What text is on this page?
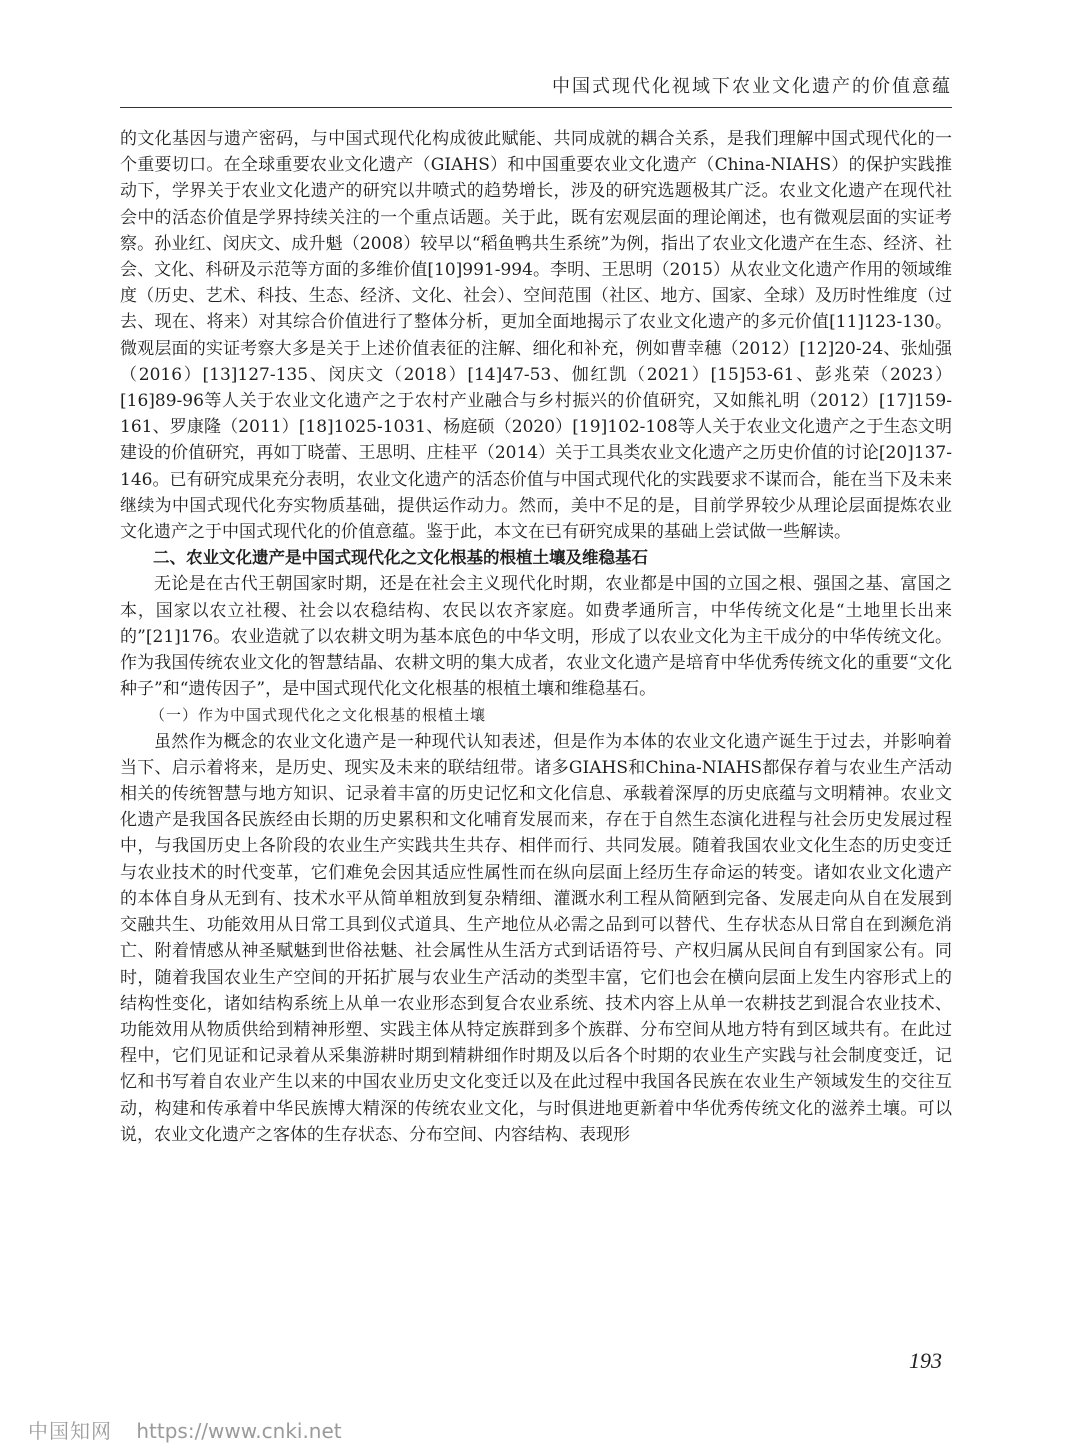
中国式现代化视域下农业文化遗产的价值意蕴

的文化基因与遗产密码，与中国式现代化构成彼此赋能、共同成就的耦合关系，是我们理解中国式现代化的一个重要切口。在全球重要农业文化遗产（GIAHS）和中国重要农业文化遗产（China-NIAHS）的保护实践推动下，学界关于农业文化遗产的研究以井喷式的趋势增长，涉及的研究选题极其广泛。农业文化遗产在现代社会中的活态价值是学界持续关注的一个重点话题。关于此，既有宏观层面的理论阐述，也有微观层面的实证考察。孙业红、闵庆文、成升魁（2008）较早以“稻鱼鸭共生系统”为例，指出了农业文化遗产在生态、经济、社会、文化、科研及示范等方面的多维价值[10]991-994。李明、王思明（2015）从农业文化遗产作用的领域维度（历史、艺术、科技、生态、经济、文化、社会）、空间范围（社区、地方、国家、全球）及历时性维度（过去、现在、将来）对其综合价值进行了整体分析，更加全面地揭示了农业文化遗产的多元价值[11]123-130。微观层面的实证考察大多是关于上述价值表征的注解、细化和补充，例如曹幸穗（2012）[12]20-24、张灿强（2016）[13]127-135、闵庆文（2018）[14]47-53、伽红凯（2021）[15]53-61、彭兆荣（2023）[16]89-96等人关于农业文化遗产之于农村产业融合与乡村振兴的价值研究，又如熊礼明（2012）[17]159-161、罗康隆（2011）[18]1025-1031、杨庭硕（2020）[19]102-108等人关于农业文化遗产之于生态文明建设的价值研究，再如丁晓蕾、王思明、庄桂平（2014）关于工具类农业文化遗产之历史价值的讨论[20]137-146。已有研究成果充分表明，农业文化遗产的活态价值与中国式现代化的实践要求不谋而合，能在当下及未来继续为中国式现代化夯实物质基础，提供运作动力。然而，美中不足的是，目前学界较少从理论层面提炼农业文化遗产之于中国式现代化的价值意蕴。鉴于此，本文在已有研究成果的基础上尝试做一些解读。

二、农业文化遗产是中国式现代化之文化根基的根植土壤及维稳基石

无论是在古代王朝国家时期，还是在社会主义现代化时期，农业都是中国的立国之根、强国之基、富国之本，国家以农立社稷、社会以农稳结构、农民以农齐家庭。如费孝通所言，中华传统文化是“土地里长出来的”[21]176。农业造就了以农耕文明为基本底色的中华文明，形成了以农业文化为主干成分的中华传统文化。作为我国传统农业文化的智慧结晶、农耕文明的集大成者，农业文化遗产是培育中华优秀传统文化的重要“文化种子”和“遗传因子”，是中国式现代化文化根基的根植土壤和维稳基石。

（一）作为中国式现代化之文化根基的根植土壤

虽然作为概念的农业文化遗产是一种现代认知表述，但是作为本体的农业文化遗产诞生于过去，并影响着当下、启示着将来，是历史、现实及未来的联结纽带。诸多GIAHS和China-NIAHS都保存着与农业生产活动相关的传统智慧与地方知识、记录着丰富的历史记忆和文化信息、承载着深厚的历史底蕴与文明精神。农业文化遗产是我国各民族经由长期的历史累积和文化哺育发展而来，存在于自然生态演化进程与社会历史发展过程中，与我国历史上各阶段的农业生产实践共生共存、相伴而行、共同发展。随着我国农业文化生态的历史变迁与农业技术的时代变革，它们难免会因其适应性属性而在纵向层面上经历生存命运的转变。诸如农业文化遗产的本体自身从无到有、技术水平从简单粗放到复杂精细、灌溉水利工程从简陋到完备、发展走向从自在发展到交融共生、功能效用从日常工具到仪式道具、生产地位从必需之品到可以替代、生存状态从日常自在到濒危消亡、附着情感从神圣赋魅到世俗祛魅、社会属性从生活方式到话语符号、产权归属从民间自有到国家公有。同时，随着我国农业生产空间的开拓扩展与农业生产活动的类型丰富，它们也会在横向层面上发生内容形式上的结构性变化，诸如结构系统上从单一农业形态到复合农业系统、技术内容上从单一农耕技艺到混合农业技术、功能效用从物质供给到精神形塑、实践主体从特定族群到多个族群、分布空间从地方特有到区域共有。在此过程中，它们见证和记录着从采集游耕时期到精耕细作时期及以后各个时期的农业生产实践与社会制度变迁，记忆和书写着自农业产生以来的中国农业历史文化变迁以及在此过程中我国各民族在农业生产领域发生的交往互动，构建和传承着中华民族博大精深的传统农业文化，与时俱进地更新着中华优秀传统文化的滋养土壤。可以说，农业文化遗产之客体的生存状态、分布空间、内容结构、表现形

193
中国知网 https://www.cnki.net
